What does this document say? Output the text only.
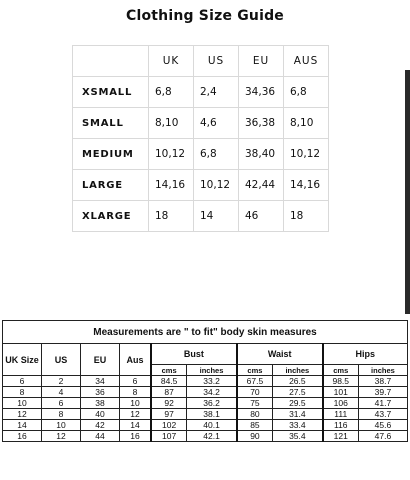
Clothing Size Guide
	UK	US	EU	AUS
XSMALL	6,8	2,4	34,36	6,8
SMALL	8,10	4,6	36,38	8,10
MEDIUM	10,12	6,8	38,40	10,12
LARGE	14,16	10,12	42,44	14,16
XLARGE	18	14	46	18
Measurements are " to fit" body skin measures									
UK Size	US	EU	Aus	Bust		Waist		Hips	
				cms	inches	cms	inches	cms	inches
6	2	34	6	84.5	33.2	67.5	26.5	98.5	38.7
8	4	36	8	87	34.2	70	27.5	101	39.7
10	6	38	10	92	36.2	75	29.5	106	41.7
12	8	40	12	97	38.1	80	31.4	111	43.7
14	10	42	14	102	40.1	85	33.4	116	45.6
16	12	44	16	107	42.1	90	35.4	121	47.6
